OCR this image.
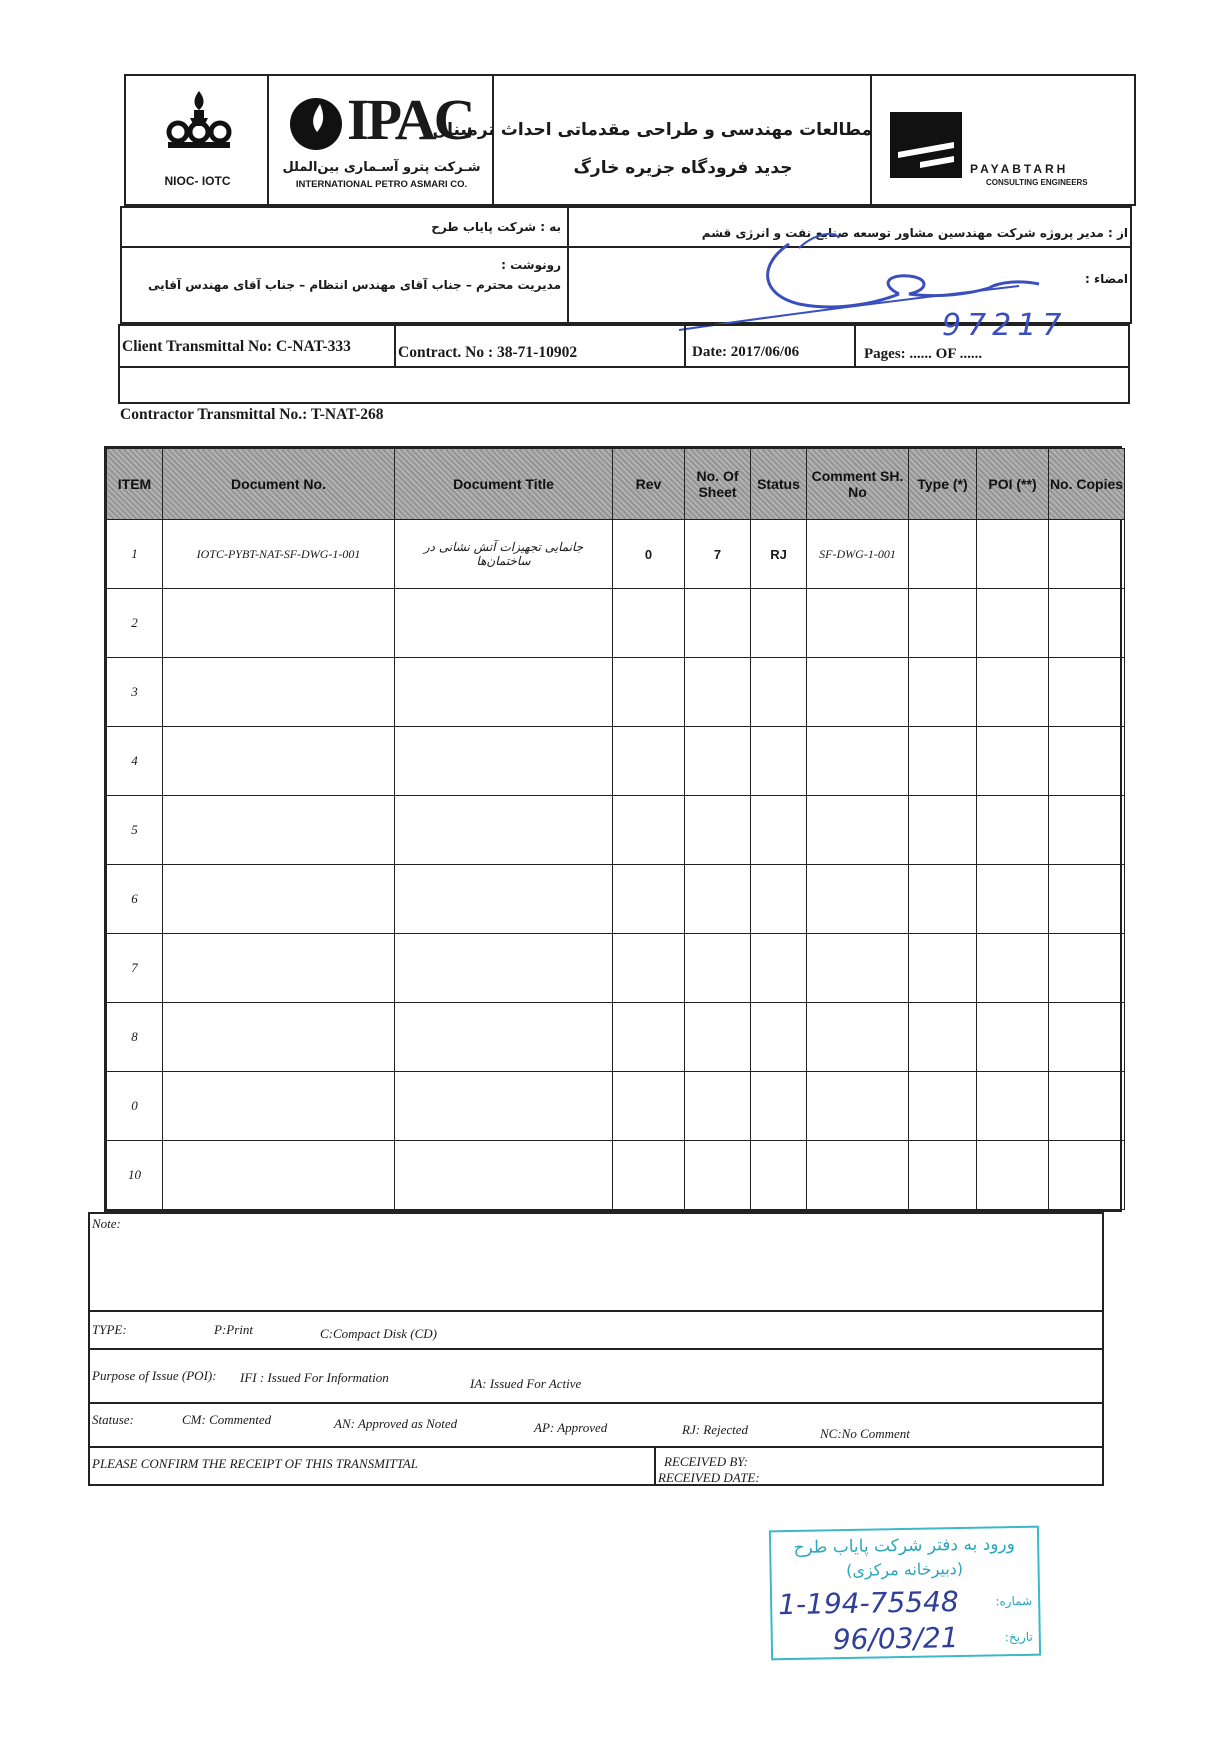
NIOC- IOTC
IPAC
شـركت پترو آسـماری بین‌الملل
INTERNATIONAL PETRO ASMARI CO.
مطالعات مهندسی و طراحی مقدماتی احداث ترمینال
جدید فرودگاه جزیره خارگ	PAYABTARH
CONSULTING ENGINEERS
به : شرکت پایاب طرح	از : مدیر پروژه شرکت مهندسین مشاور توسعه صنایع نفت و انرژی قشم
رونوشت :
مدیریت محترم – جناب آقای مهندس انتظام – جناب آقای مهندس آقایی	امضاء :
Client Transmittal No: C-NAT-333	Contract. No : 38-71-10902	Date: 2017/06/06	Pages: ...... OF ......
Contractor Transmittal No.: T-NAT-268
97217
ITEM	Document No.	Document Title	Rev	No. Of Sheet	Status	Comment SH. No	Type (*)	POI (**)	No. Copies
1	IOTC-PYBT-NAT-SF-DWG-1-001	جانمایی تجهیزات آتش نشانی در ساختمان‌ها	0	7	RJ	SF-DWG-1-001			
2									
3									
4									
5									
6									
7									
8									
0									
10									
Note:
TYPE:	P:Print	C:Compact Disk (CD)
Purpose of Issue (POI): IFI : Issued For Information	IA: Issued For Active
Statuse:	CM: Commented	AN: Approved as Noted	AP: Approved	RJ: Rejected	NC:No Comment
PLEASE CONFIRM THE RECEIPT OF THIS TRANSMITTAL	RECEIVED BY:
RECEIVED DATE:
ورود به دفتر شرکت پایاب طرح
(دبیرخانه مرکزی)
شماره:
1-194-75548
تاریخ:
96/03/21
